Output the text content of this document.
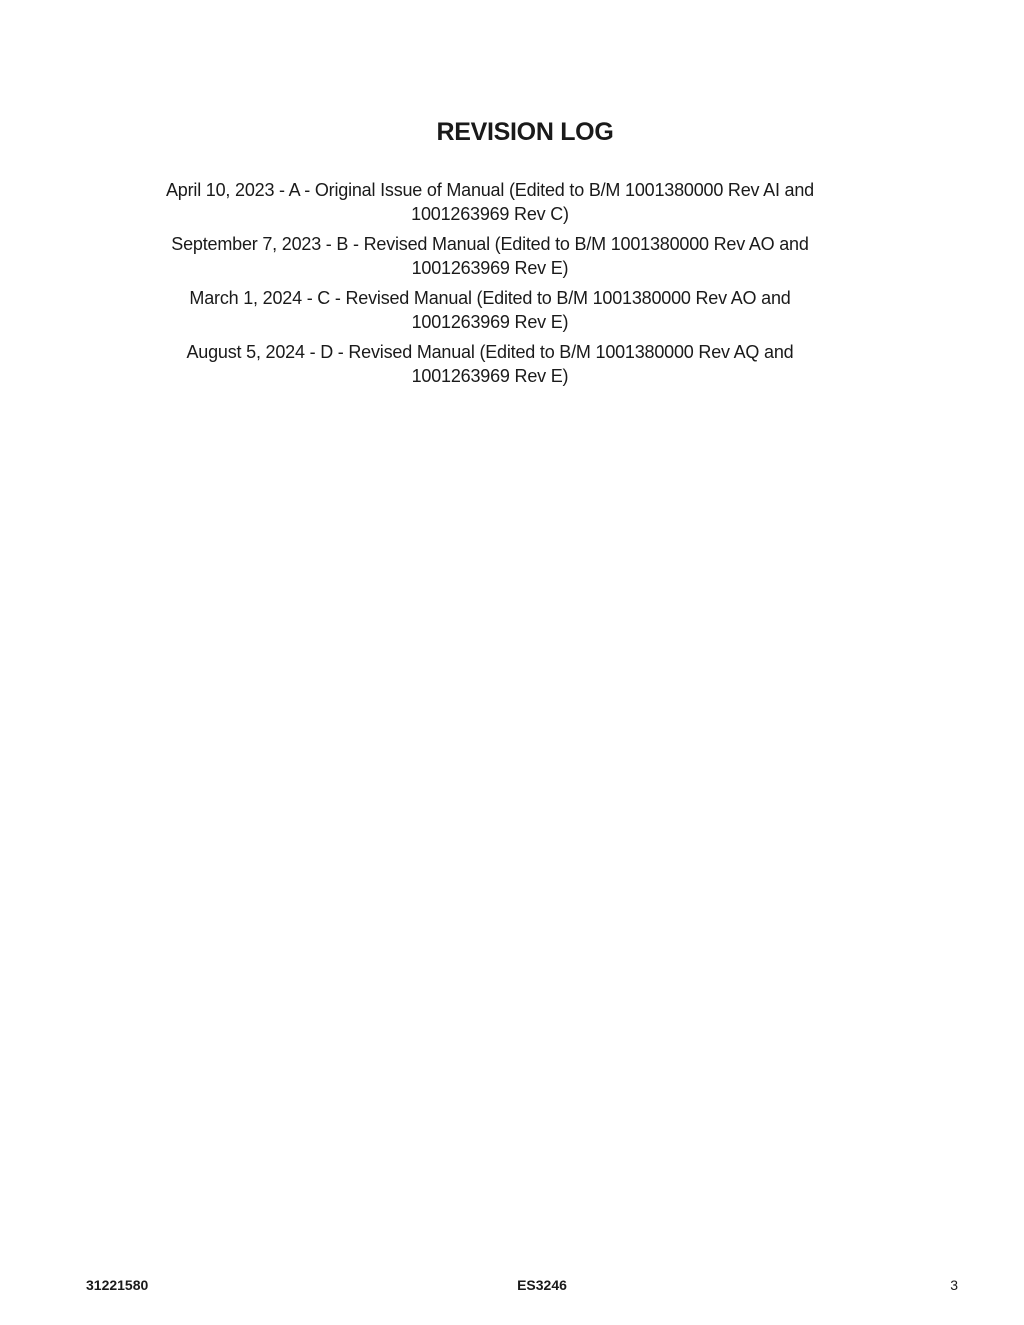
REVISION LOG
April 10, 2023 - A - Original Issue of Manual (Edited to B/M 1001380000 Rev AI and
1001263969 Rev C)
September 7, 2023 - B - Revised Manual (Edited to B/M 1001380000 Rev AO and
1001263969 Rev E)
March 1, 2024 - C - Revised Manual (Edited to B/M 1001380000 Rev AO and
1001263969 Rev E)
August 5, 2024 - D - Revised Manual (Edited to B/M 1001380000 Rev AQ and
1001263969 Rev E)
31221580	ES3246	3
